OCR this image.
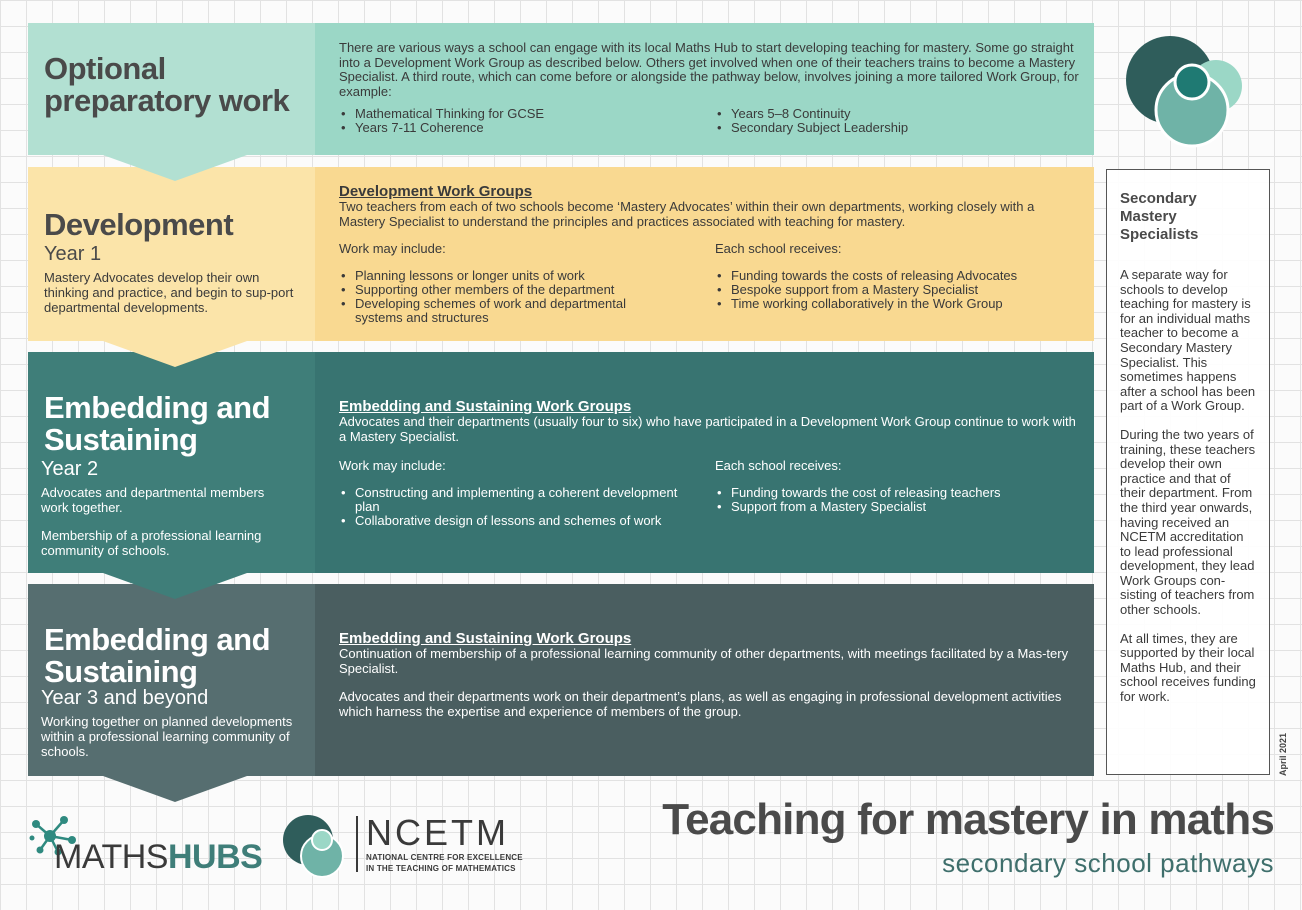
Optional
preparatory work
There are various ways a school can engage with its local Maths Hub to start developing teaching for mastery. Some go straight into a Development Work Group as described below. Others get involved when one of their teachers trains to become a Mastery Specialist. A third route, which can come before or alongside the pathway below, involves joining a more tailored Work Group, for example:
• Mathematical Thinking for GCSE
• Years 7-11 Coherence
• Years 5–8 Continuity
• Secondary Subject Leadership
Development
Year 1
Mastery Advocates develop their own thinking and practice, and begin to sup-port departmental developments.
Development Work Groups
Two teachers from each of two schools become ‘Mastery Advocates’ within their own departments, working closely with a Mastery Specialist to understand the principles and practices associated with teaching for mastery.
Work may include:
• Planning lessons or longer units of work
• Supporting other members of the department
• Developing schemes of work and departmental systems and structures
Each school receives:
• Funding towards the costs of releasing Advocates
• Bespoke support from a Mastery Specialist
• Time working collaboratively in the Work Group
Embedding and
Sustaining
Year 2
Advocates and departmental members work together.
Membership of a professional learning community of schools.
Embedding and Sustaining Work Groups
Advocates and their departments (usually four to six) who have participated in a Development Work Group continue to work with a Mastery Specialist.
Work may include:
• Constructing and implementing a coherent development plan
• Collaborative design of lessons and schemes of work
Each school receives:
• Funding towards the cost of releasing teachers
• Support from a Mastery Specialist
Embedding and
Sustaining
Year 3 and beyond
Working together on planned developments within a professional learning community of schools.
Embedding and Sustaining Work Groups
Continuation of membership of a professional learning community of other departments, with meetings facilitated by a Mas-tery Specialist.
Advocates and their departments work on their department’s plans, as well as engaging in professional development activities which harness the expertise and experience of members of the group.
Secondary Mastery Specialists

A separate way for schools to develop teaching for mastery is for an individual maths teacher to become a Secondary Mastery Specialist. This sometimes happens after a school has been part of a Work Group.

During the two years of training, these teachers develop their own practice and that of their department. From the third year onwards, having received an NCETM accreditation to lead professional development, they lead Work Groups con-sisting of teachers from other schools.

At all times, they are supported by their local Maths Hub, and their school receives funding for work.

April 2021
Teaching for mastery in maths
secondary school pathways
MATHSHUBS
NCETM
NATIONAL CENTRE FOR EXCELLENCE
IN THE TEACHING OF MATHEMATICS
